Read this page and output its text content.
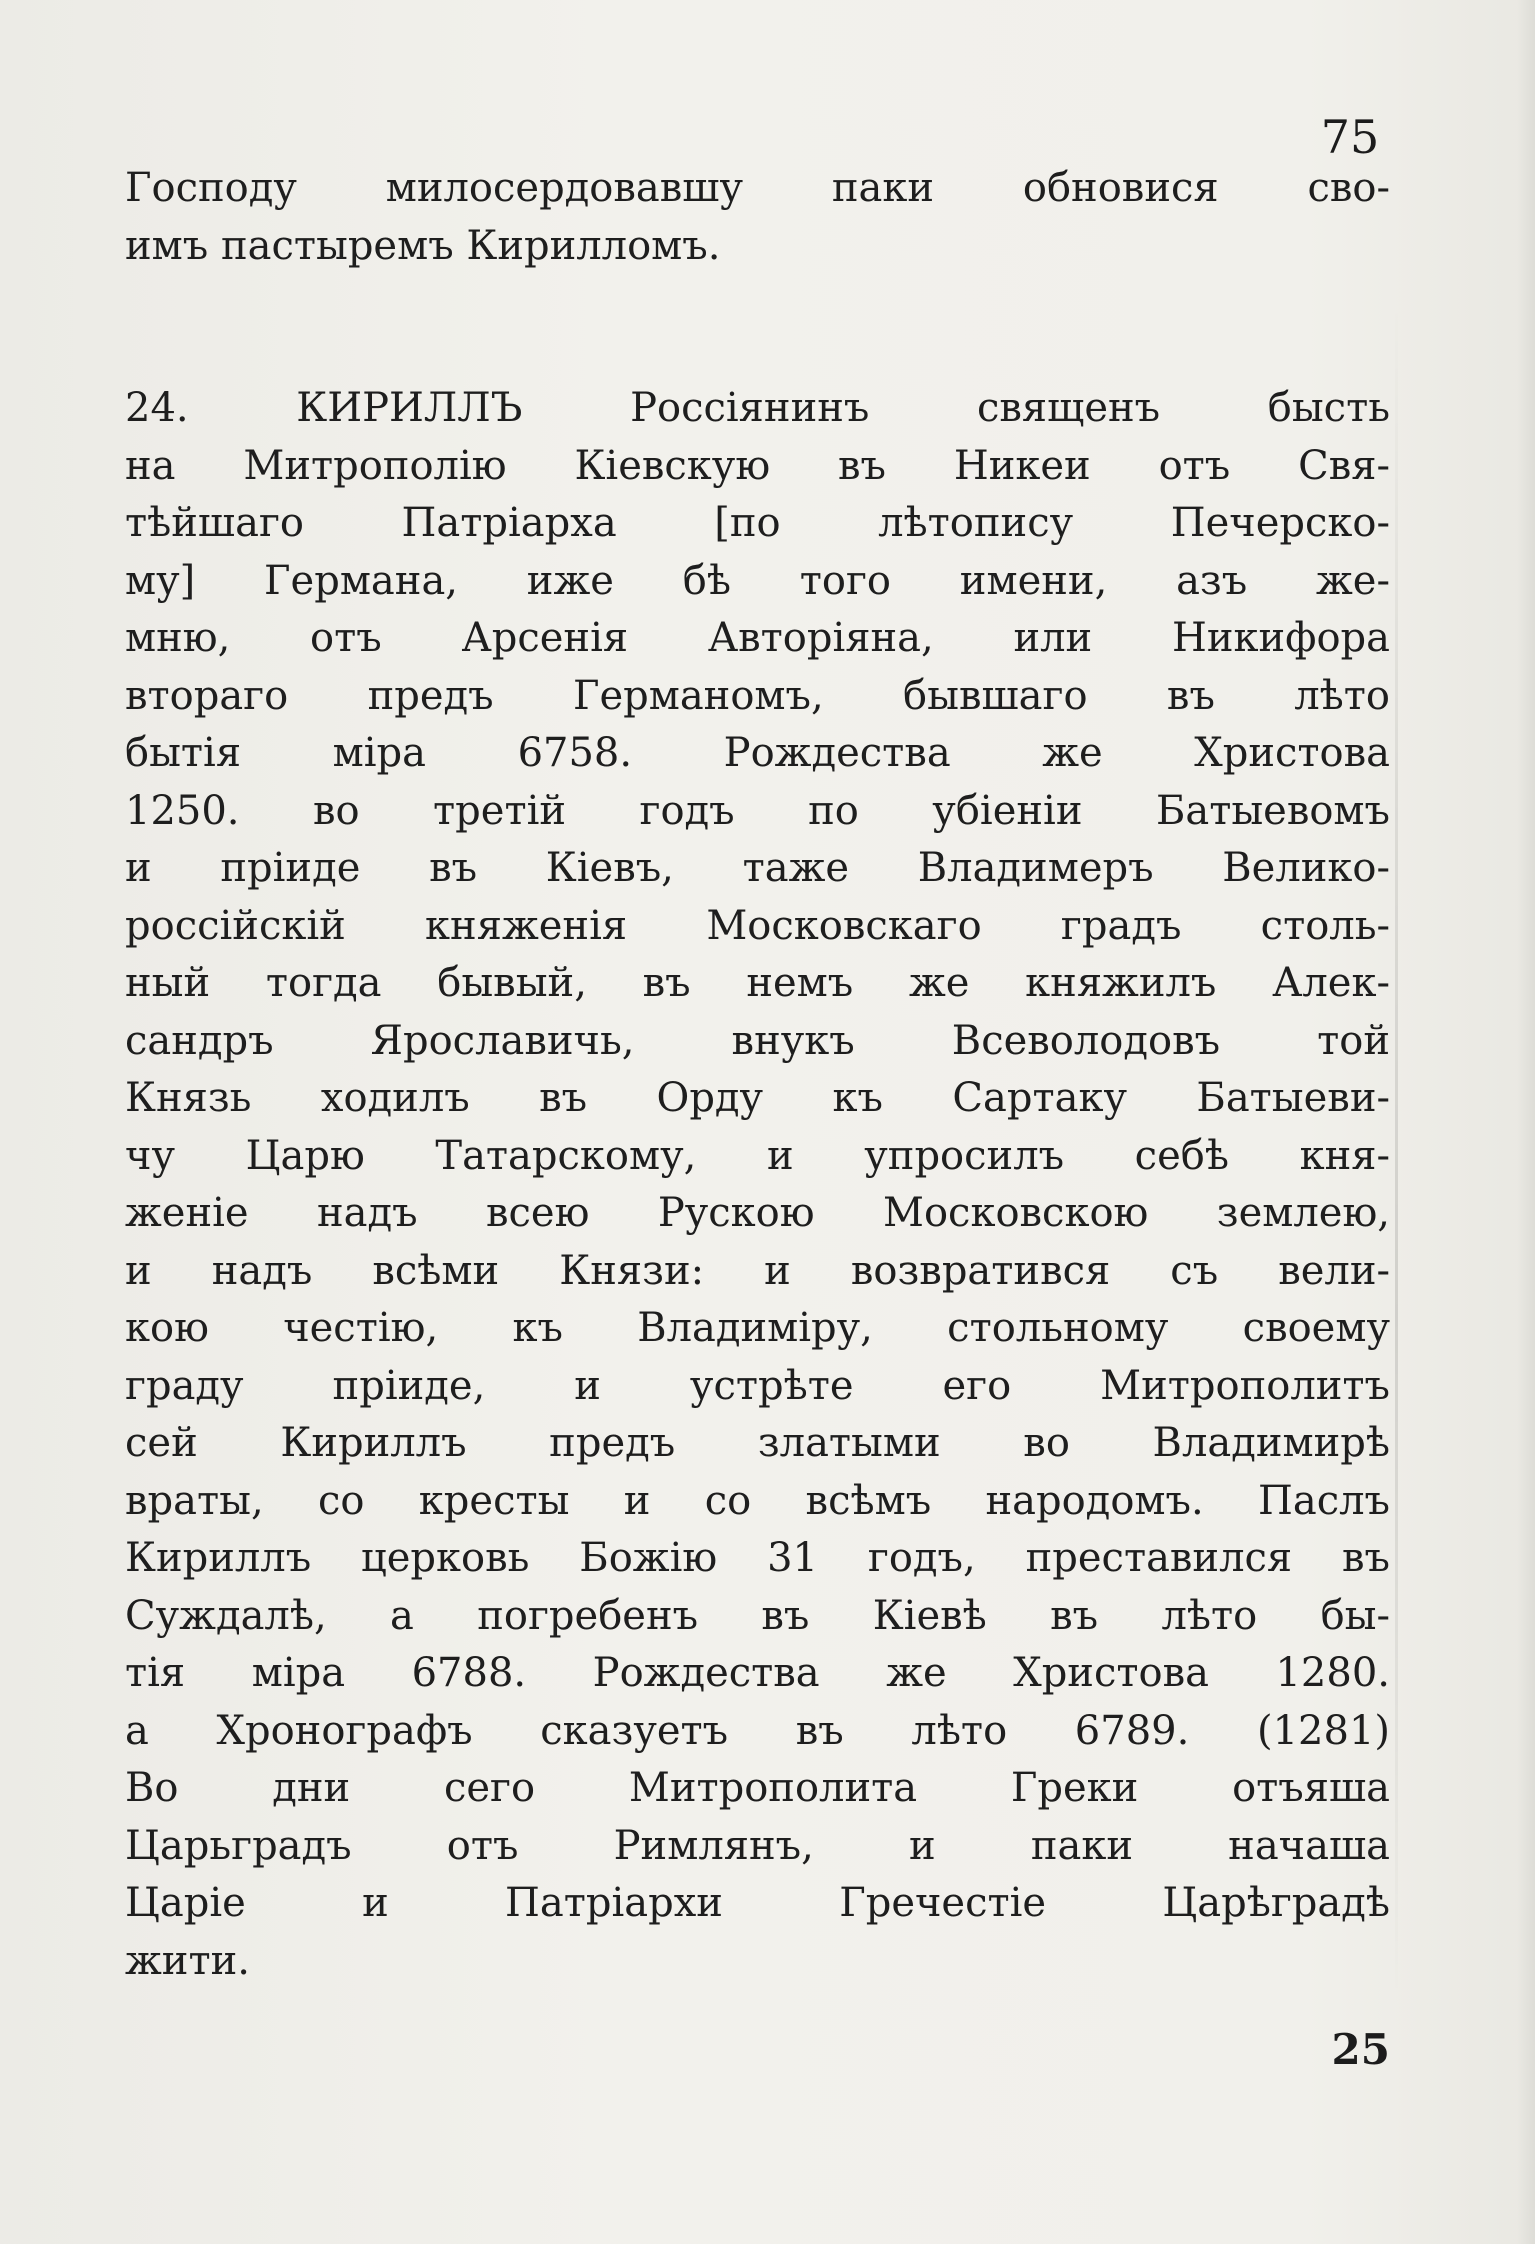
75
Господу милосердовавшу паки обновися сво-
имъ пастыремъ Кирилломъ.
24. КИРИЛЛЪ Россіянинъ священъ бысть
на Митрополію Кіевскую въ Никеи отъ Свя-
тѣйшаго Патріарха [по лѣтопису Печерско-
му] Германа, иже бѣ того имени, азъ же-
мню, отъ Арсенія Авторіяна, или Никифора
втораго предъ Германомъ, бывшаго въ лѣто
бытія міра 6758. Рождества же Христова
1250. во третій годъ по убіеніи Батыевомъ
и пріиде въ Кіевъ, таже Владимеръ Велико-
россійскій княженія Московскаго градъ столь-
ный тогда бывый, въ немъ же княжилъ Алек-
сандръ Ярославичь, внукъ Всеволодовъ той
Князь ходилъ въ Орду къ Сартаку Батыеви-
чу Царю Татарскому, и упросилъ себѣ кня-
женіе надъ всею Рускою Московскою землею,
и надъ всѣми Князи: и возвратився съ вели-
кою честію, къ Владиміру, стольному своему
граду пріиде, и устрѣте его Митрополитъ
сей Кириллъ предъ златыми во Владимирѣ
враты, со кресты и со всѣмъ народомъ. Паслъ
Кириллъ церковь Божію 31 годъ, преставился въ
Суждалѣ, а погребенъ въ Кіевѣ въ лѣто бы-
тія міра 6788. Рождества же Христова 1280.
а Хронографъ сказуетъ въ лѣто 6789. (1281)
Во дни сего Митрополита Греки отъяша
Царьградъ отъ Римлянъ, и паки начаша
Царіе и Патріархи Гречестіе Царѣградѣ
жити.
25
